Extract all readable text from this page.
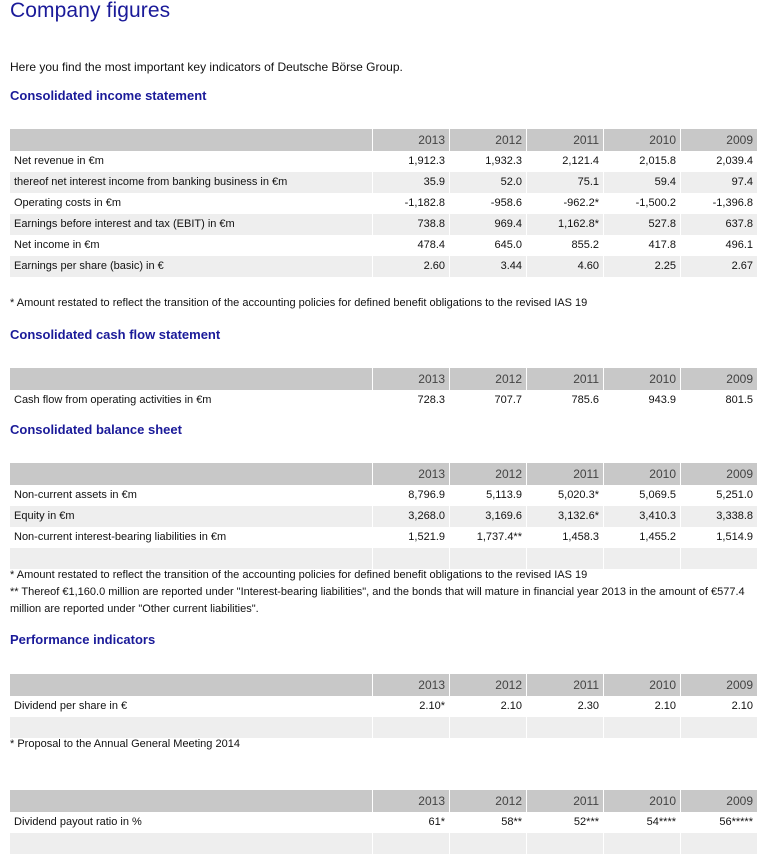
Company figures
Here you find the most important key indicators of Deutsche Börse Group.
Consolidated income statement
	2013	2012	2011	2010	2009
Net revenue in €m	1,912.3	1,932.3	2,121.4	2,015.8	2,039.4
thereof net interest income from banking business in €m	35.9	52.0	75.1	59.4	97.4
Operating costs in €m	-1,182.8	-958.6	-962.2*	-1,500.2	-1,396.8
Earnings before interest and tax (EBIT) in €m	738.8	969.4	1,162.8*	527.8	637.8
Net income in €m	478.4	645.0	855.2	417.8	496.1
Earnings per share (basic) in €	2.60	3.44	4.60	2.25	2.67
* Amount restated to reflect the transition of the accounting policies for defined benefit obligations to the revised IAS 19
Consolidated cash flow statement
	2013	2012	2011	2010	2009
Cash flow from operating activities in €m	728.3	707.7	785.6	943.9	801.5
Consolidated balance sheet
	2013	2012	2011	2010	2009
Non-current assets in €m	8,796.9	5,113.9	5,020.3*	5,069.5	5,251.0
Equity in €m	3,268.0	3,169.6	3,132.6*	3,410.3	3,338.8
Non-current interest-bearing liabilities in €m	1,521.9	1,737.4**	1,458.3	1,455.2	1,514.9

* Amount restated to reflect the transition of the accounting policies for defined benefit obligations to the revised IAS 19
** Thereof €1,160.0 million are reported under "Interest-bearing liabilities", and the bonds that will mature in financial year 2013 in the amount of €577.4 million are reported under "Other current liabilities".
Performance indicators
	2013	2012	2011	2010	2009
Dividend per share in €	2.10*	2.10	2.30	2.10	2.10

* Proposal to the Annual General Meeting 2014
	2013	2012	2011	2010	2009
Dividend payout ratio in %	61*	58**	52***	54****	56*****
